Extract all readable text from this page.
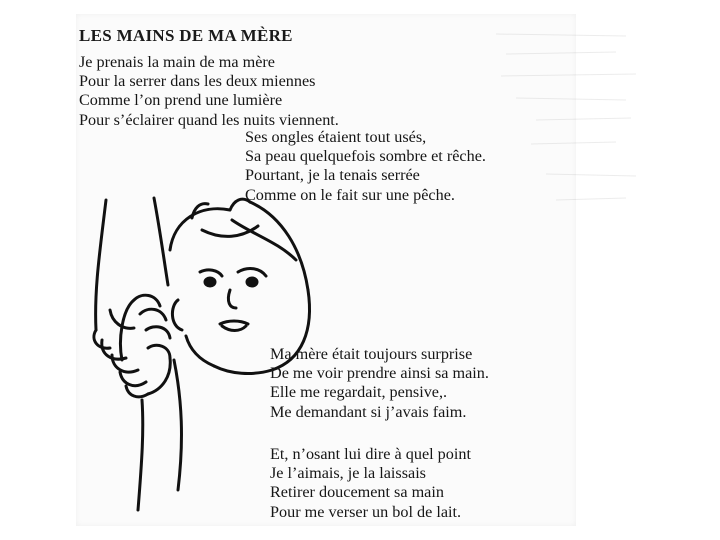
LES MAINS DE MA MÈRE
Je prenais la main de ma mère
Pour la serrer dans les deux miennes
Comme l’on prend une lumière
Pour s’éclairer quand les nuits viennent.
Ses ongles étaient tout usés,
Sa peau quelquefois sombre et rêche.
Pourtant, je la tenais serrée
Comme on le fait sur une pêche.
Ma mère était toujours surprise
De me voir prendre ainsi sa main.
Elle me regardait, pensive,.
Me demandant si j’avais faim.
Et, n’osant lui dire à quel point
Je l’aimais, je la laissais
Retirer doucement sa main
Pour me verser un bol de lait.
